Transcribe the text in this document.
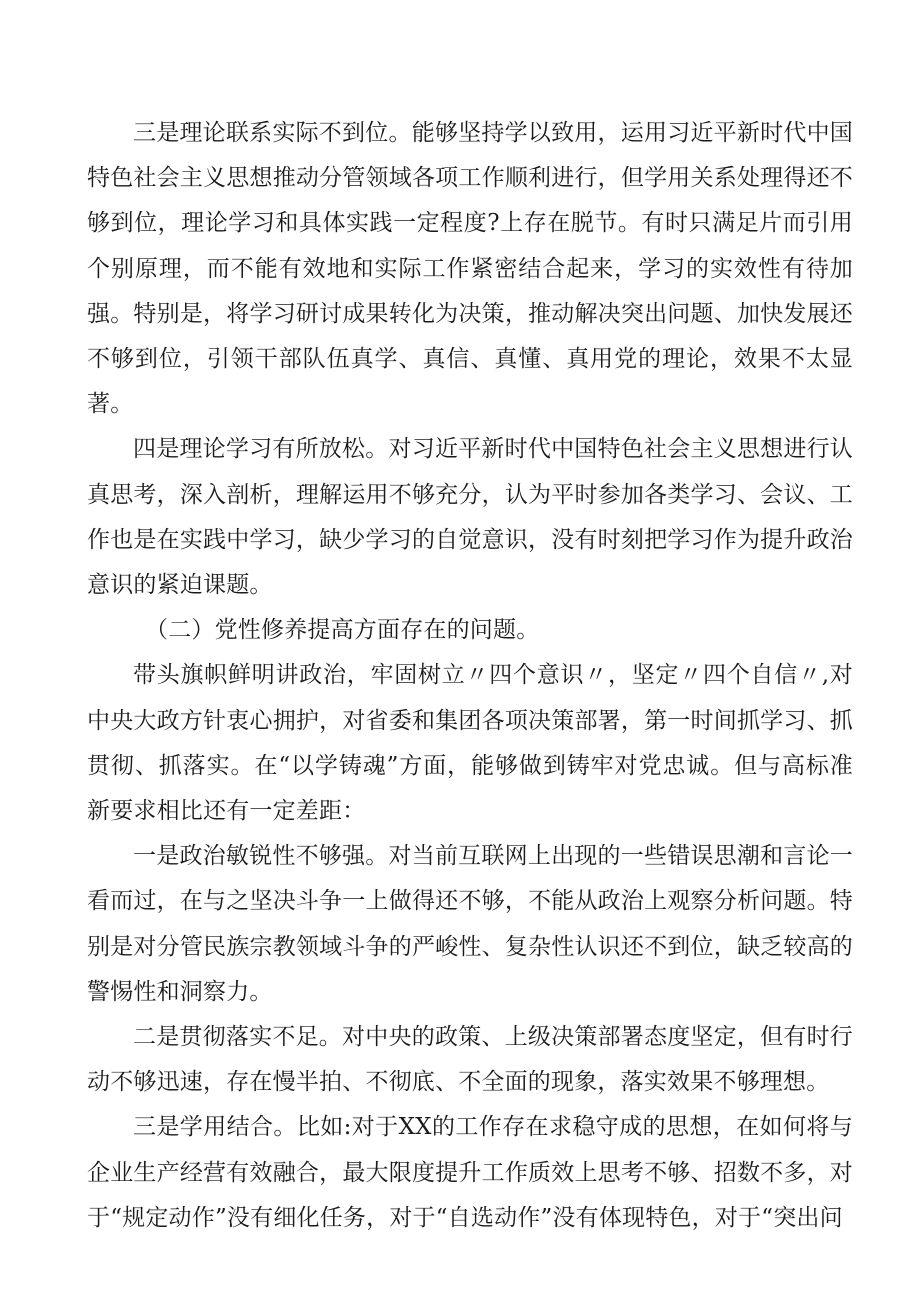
三是理论联系实际不到位。能够坚持学以致用，运用习近平新时代中国特色社会主义思想推动分管领域各项工作顺利进行，但学用关系处理得还不够到位，理论学习和具体实践一定程度?上存在脱节。有时只满足片而引用个别原理，而不能有效地和实际工作紧密结合起来，学习的实效性有待加强。特别是，将学习研讨成果转化为决策，推动解决突出问题、加快发展还不够到位，引领干部队伍真学、真信、真懂、真用党的理论，效果不太显著。

四是理论学习有所放松。对习近平新时代中国特色社会主义思想进行认真思考，深入剖析，理解运用不够充分，认为平时参加各类学习、会议、工作也是在实践中学习，缺少学习的自觉意识，没有时刻把学习作为提升政治意识的紧迫课题。

（二）党性修养提高方面存在的问题。

带头旗帜鲜明讲政治，牢固树立〃四个意识〃，坚定〃四个自信〃,对中央大政方针衷心拥护，对省委和集团各项决策部署，第一时间抓学习、抓贯彻、抓落实。在“以学铸魂”方面，能够做到铸牢对党忠诚。但与高标准新要求相比还有一定差距：

一是政治敏锐性不够强。对当前互联网上出现的一些错误思潮和言论一看而过，在与之坚决斗争一上做得还不够，不能从政治上观察分析问题。特别是对分管民族宗教领域斗争的严峻性、复杂性认识还不到位，缺乏较高的警惕性和洞察力。

二是贯彻落实不足。对中央的政策、上级决策部署态度坚定，但有时行动不够迅速，存在慢半拍、不彻底、不全面的现象，落实效果不够理想。

三是学用结合。比如:对于XX的工作存在求稳守成的思想，在如何将与企业生产经营有效融合，最大限度提升工作质效上思考不够、招数不多，对于“规定动作”没有细化任务，对于“自选动作”没有体现特色，对于“突出问
